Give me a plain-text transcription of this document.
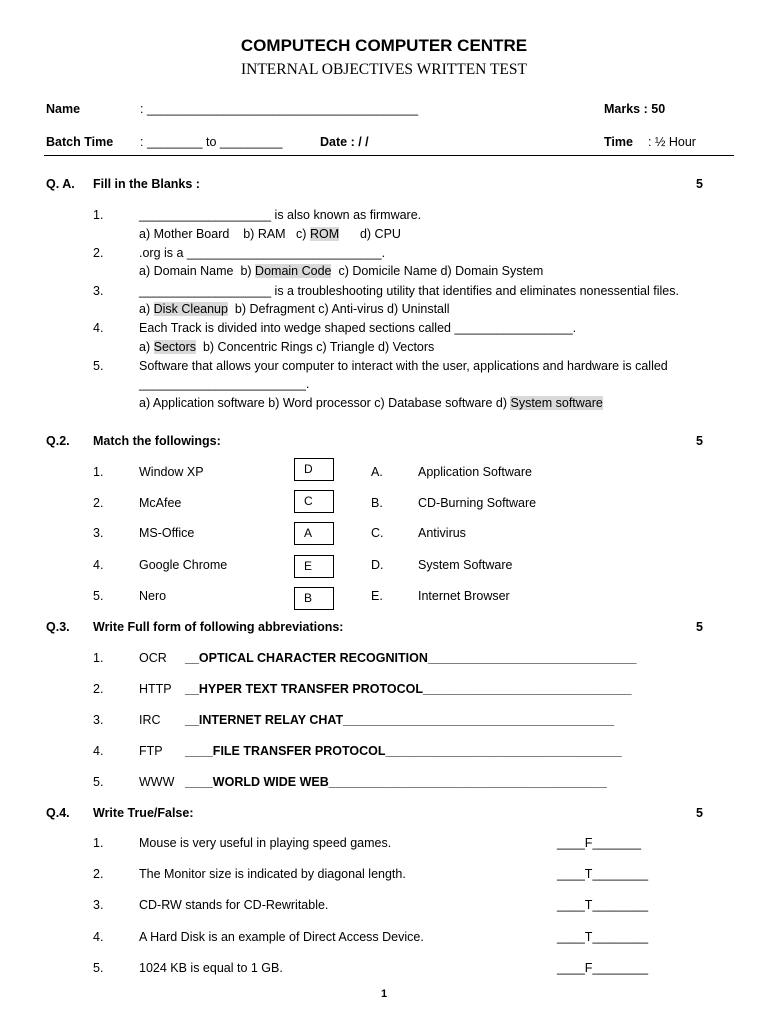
COMPUTECH COMPUTER CENTRE
INTERNAL OBJECTIVES WRITTEN TEST
Name	: _______________________________________	Marks : 50
Batch Time : ________ to _________	Date : / /	Time : ½ Hour
Q. A. Fill in the Blanks :	5
1.	___________________ is also known as firmware.
a) Mother Board b) RAM c) ROM d) CPU
2.	.org is a ____________________________.
a) Domain Name b) Domain Code c) Domicile Name d) Domain System
3.	___________________ is a troubleshooting utility that identifies and eliminates nonessential files.
a) Disk Cleanup b) Defragment c) Anti-virus d) Uninstall
4.	Each Track is divided into wedge shaped sections called _________________.
a) Sectors b) Concentric Rings c) Triangle d) Vectors
5.	Software that allows your computer to interact with the user, applications and hardware is called
________________________.
a) Application software b) Word processor c) Database software d) System software
Q.2. Match the followings:	5
1.	Window XP	D	A.	Application Software
2.	McAfee	C	B.	CD-Burning Software
3.	MS-Office	A	C.	Antivirus
4.	Google Chrome	E	D.	System Software
5.	Nero	B	E.	Internet Browser
Q.3. Write Full form of following abbreviations:	5
1.	OCR __OPTICAL CHARACTER RECOGNITION______________________________
2.	HTTP __HYPER TEXT TRANSFER PROTOCOL______________________________
3.	IRC __INTERNET RELAY CHAT_______________________________________
4.	FTP ____FILE TRANSFER PROTOCOL__________________________________
5.	WWW ____WORLD WIDE WEB________________________________________
Q.4. Write True/False:	5
1.	Mouse is very useful in playing speed games.	____F_______
2.	The Monitor size is indicated by diagonal length.	____T________
3.	CD-RW stands for CD-Rewritable.	____T________
4.	A Hard Disk is an example of Direct Access Device.	____T________
5.	1024 KB is equal to 1 GB.	____F________
1
